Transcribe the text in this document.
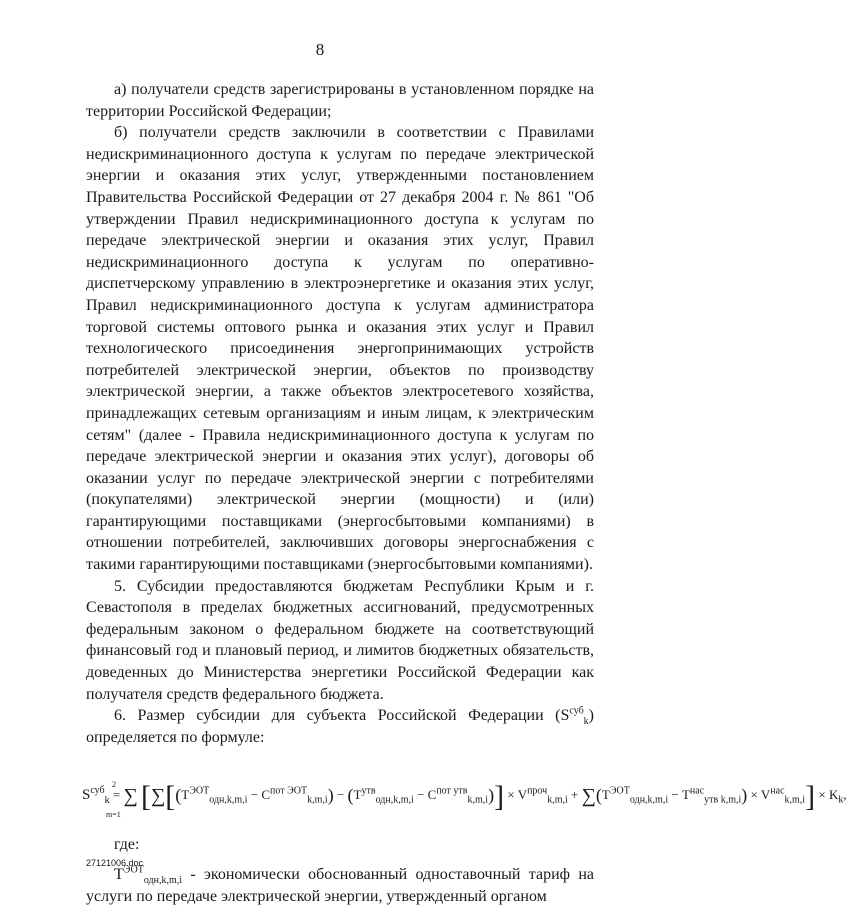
8

а) получатели средств зарегистрированы в установленном порядке на территории Российской Федерации;

б) получатели средств заключили в соответствии с Правилами недискриминационного доступа к услугам по передаче электрической энергии и оказания этих услуг, утвержденными постановлением Правительства Российской Федерации от 27 декабря 2004 г. № 861 "Об утверждении Правил недискриминационного доступа к услугам по передаче электрической энергии и оказания этих услуг, Правил недискриминационного доступа к услугам по оперативно-диспетчерскому управлению в электроэнергетике и оказания этих услуг, Правил недискриминационного доступа к услугам администратора торговой системы оптового рынка и оказания этих услуг и Правил технологического присоединения энергопринимающих устройств потребителей электрической энергии, объектов по производству электрической энергии, а также объектов электросетевого хозяйства, принадлежащих сетевым организациям и иным лицам, к электрическим сетям" (далее - Правила недискриминационного доступа к услугам по передаче электрической энергии и оказания этих услуг), договоры об оказании услуг по передаче электрической энергии с потребителями (покупателями) электрической энергии (мощности) и (или) гарантирующими поставщиками (энергосбытовыми компаниями) в отношении потребителей, заключивших договоры энергоснабжения с такими гарантирующими поставщиками (энергосбытовыми компаниями).

5. Субсидии предоставляются бюджетам Республики Крым и г. Севастополя в пределах бюджетных ассигнований, предусмотренных федеральным законом о федеральном бюджете на соответствующий финансовый год и плановый период, и лимитов бюджетных обязательств, доведенных до Министерства энергетики Российской Федерации как получателя средств федерального бюджета.

6. Размер субсидии для субъекта Российской Федерации $(S^{суб}_k)$ определяется по формуле:

2
m=1
$S^{суб}_k$ = ∑ $[\sum[(Т^{ЭОТ}_{одн,k,m,i} - С^{пот ЭОТ}_{k,m,i}) - (Т^{утв}_{одн,k,m,i} - С^{пот утв}_{k,m,i})] \times V^{проч}_{k,m,i} + \sum(Т^{ЭОТ}_{одн,k,m,i} - Т^{нас}_{утв k,m,i}) \times V^{нас}_{k,m,i}] \times K_k$,

где:

$Т^{ЭОТ}_{одн,k,m,i}$ - экономически обоснованный одноставочный тариф на услуги по передаче электрической энергии, утвержденный органом

27121006.doc
